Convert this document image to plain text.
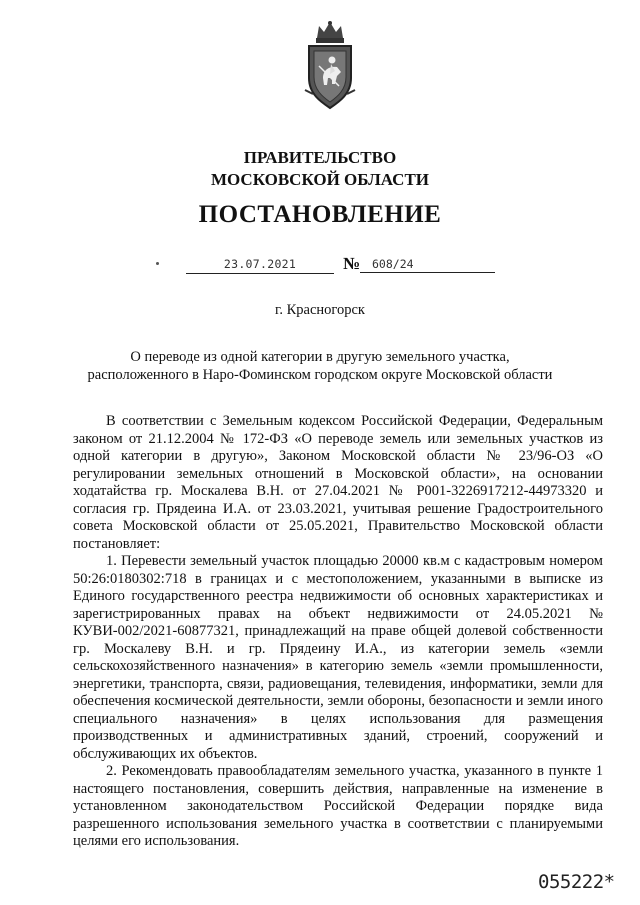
ПРАВИТЕЛЬСТВО
МОСКОВСКОЙ ОБЛАСТИ
ПОСТАНОВЛЕНИЕ
23.07.2021	№	608/24
г. Красногорск
О переводе из одной категории в другую земельного участка,
расположенного в Наро-Фоминском городском округе Московской области

В соответствии с Земельным кодексом Российской Федерации, Федеральным законом от 21.12.2004 № 172-ФЗ «О переводе земель или земельных участков из одной категории в другую», Законом Московской области № 23/96-ОЗ «О регулировании земельных отношений в Московской области», на основании ходатайства гр. Москалева В.Н. от 27.04.2021 № Р001-3226917212-44973320 и согласия гр. Прядеина И.А. от 23.03.2021, учитывая решение Градостроительного совета Московской области от 25.05.2021, Правительство Московской области постановляет:

1. Перевести земельный участок площадью 20000 кв.м с кадастровым номером 50:26:0180302:718 в границах и с местоположением, указанными в выписке из Единого государственного реестра недвижимости об основных характеристиках и зарегистрированных правах на объект недвижимости от 24.05.2021 № КУВИ-002/2021-60877321, принадлежащий на праве общей долевой собственности гр. Москалеву В.Н. и гр. Прядеину И.А., из категории земель «земли сельскохозяйственного назначения» в категорию земель «земли промышленности, энергетики, транспорта, связи, радиовещания, телевидения, информатики, земли для обеспечения космической деятельности, земли обороны, безопасности и земли иного специального назначения» в целях использования для размещения производственных и административных зданий, строений, сооружений и обслуживающих их объектов.

2. Рекомендовать правообладателям земельного участка, указанного в пункте 1 настоящего постановления, совершить действия, направленные на изменение в установленном законодательством Российской Федерации порядке вида разрешенного использования земельного участка в соответствии с планируемыми целями его использования.

055222*
